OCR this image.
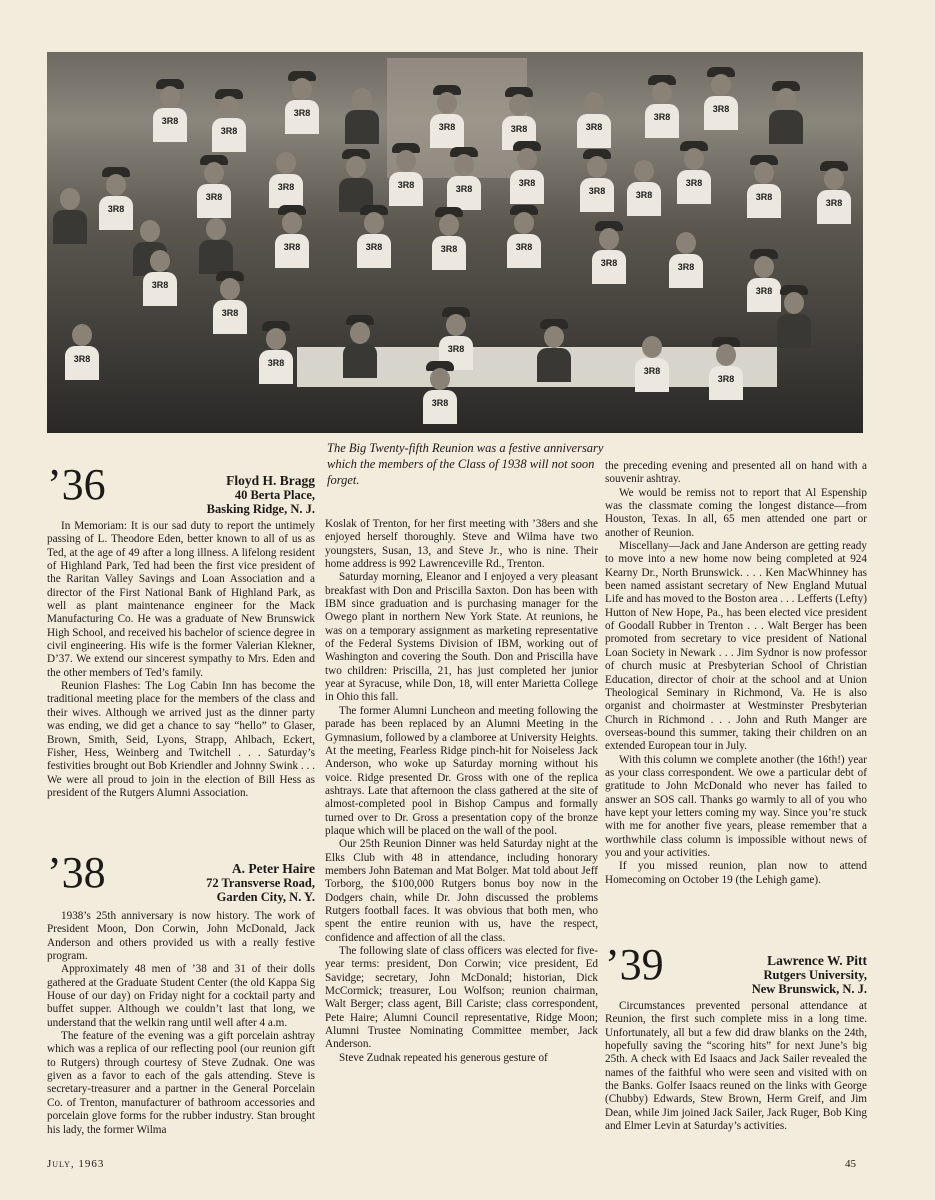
3R8
3R8
3R8
3R8	3R8	3R8
3R8
3R8
3R8
3R8
3R8	3R8	3R8
3R8
3R8	3R8
3R8
3R8
3R8
3R8	3R8	3R8	3R8
3R8	3R8
3R8
3R8
3R8
3R8	3R8
3R8
3R8
3R8
3R8
The Big Twenty-fifth Reunion was a festive anniversary which the members of the Class of 1938 will not soon forget.
’36	Floyd H. Bragg
40 Berta Place,
Basking Ridge, N. J.

In Memoriam: It is our sad duty to report the untimely passing of L. Theodore Eden, better known to all of us as Ted, at the age of 49 after a long illness. A lifelong resident of Highland Park, Ted had been the first vice president of the Raritan Valley Savings and Loan Association and a director of the First National Bank of Highland Park, as well as plant maintenance engineer for the Mack Manufacturing Co. He was a graduate of New Brunswick High School, and received his bachelor of science degree in civil engineering. His wife is the former Valerian Klekner, D’37. We extend our sincerest sympathy to Mrs. Eden and the other members of Ted’s family.

Reunion Flashes: The Log Cabin Inn has become the traditional meeting place for the members of the class and their wives. Although we arrived just as the dinner party was ending, we did get a chance to say “hello” to Glaser, Brown, Smith, Seid, Lyons, Strapp, Ahlbach, Eckert, Fisher, Hess, Weinberg and Twitchell . . . Saturday’s festivities brought out Bob Kriendler and Johnny Swink . . . We were all proud to join in the election of Bill Hess as president of the Rutgers Alumni Association.

’38	A. Peter Haire
72 Transverse Road,
Garden City, N. Y.

1938’s 25th anniversary is now history. The work of President Moon, Don Corwin, John McDonald, Jack Anderson and others provided us with a really festive program.

Approximately 48 men of ’38 and 31 of their dolls gathered at the Graduate Student Center (the old Kappa Sig House of our day) on Friday night for a cocktail party and buffet supper. Although we couldn’t last that long, we understand that the welkin rang until well after 4 a.m.

The feature of the evening was a gift porcelain ashtray which was a replica of our reflecting pool (our reunion gift to Rutgers) through courtesy of Steve Zudnak. One was given as a favor to each of the gals attending. Steve is secretary-treasurer and a partner in the General Porcelain Co. of Trenton, manufacturer of bathroom accessories and porcelain glove forms for the rubber industry. Stan brought his lady, the former Wilma

Koslak of Trenton, for her first meeting with ’38ers and she enjoyed herself thoroughly. Steve and Wilma have two youngsters, Susan, 13, and Steve Jr., who is nine. Their home address is 992 Lawrenceville Rd., Trenton.

Saturday morning, Eleanor and I enjoyed a very pleasant breakfast with Don and Priscilla Saxton. Don has been with IBM since graduation and is purchasing manager for the Owego plant in northern New York State. At reunions, he was on a temporary assignment as marketing representative of the Federal Systems Division of IBM, working out of Washington and covering the South. Don and Priscilla have two children: Priscilla, 21, has just completed her junior year at Syracuse, while Don, 18, will enter Marietta College in Ohio this fall.

The former Alumni Luncheon and meeting following the parade has been replaced by an Alumni Meeting in the Gymnasium, followed by a clamboree at University Heights. At the meeting, Fearless Ridge pinch-hit for Noiseless Jack Anderson, who woke up Saturday morning without his voice. Ridge presented Dr. Gross with one of the replica ashtrays. Late that afternoon the class gathered at the site of almost-completed pool in Bishop Campus and formally turned over to Dr. Gross a presentation copy of the bronze plaque which will be placed on the wall of the pool.

Our 25th Reunion Dinner was held Saturday night at the Elks Club with 48 in attendance, including honorary members John Bateman and Mat Bolger. Mat told about Jeff Torborg, the $100,000 Rutgers bonus boy now in the Dodgers chain, while Dr. John discussed the problems Rutgers football faces. It was obvious that both men, who spent the entire reunion with us, have the respect, confidence and affection of all the class.

The following slate of class officers was elected for five-year terms: president, Don Corwin; vice president, Ed Savidge; secretary, John McDonald; historian, Dick McCormick; treasurer, Lou Wolfson; reunion chairman, Walt Berger; class agent, Bill Cariste; class correspondent, Pete Haire; Alumni Council representative, Ridge Moon; Alumni Trustee Nominating Committee member, Jack Anderson.

Steve Zudnak repeated his generous gesture of

the preceding evening and presented all on hand with a souvenir ashtray.

We would be remiss not to report that Al Espenship was the classmate coming the longest distance—from Houston, Texas. In all, 65 men attended one part or another of Reunion.

Miscellany—Jack and Jane Anderson are getting ready to move into a new home now being completed at 924 Kearny Dr., North Brunswick. . . . Ken MacWhinney has been named assistant secretary of New England Mutual Life and has moved to the Boston area . . . Lefferts (Lefty) Hutton of New Hope, Pa., has been elected vice president of Goodall Rubber in Trenton . . . Walt Berger has been promoted from secretary to vice president of National Loan Society in Newark . . . Jim Sydnor is now professor of church music at Presbyterian School of Christian Education, director of choir at the school and at Union Theological Seminary in Richmond, Va. He is also organist and choirmaster at Westminster Presbyterian Church in Richmond . . . John and Ruth Manger are overseas-bound this summer, taking their children on an extended European tour in July.

With this column we complete another (the 16th!) year as your class correspondent. We owe a particular debt of gratitude to John McDonald who never has failed to answer an SOS call. Thanks go warmly to all of you who have kept your letters coming my way. Since you’re stuck with me for another five years, please remember that a worthwhile class column is impossible without news of you and your activities.

If you missed reunion, plan now to attend Homecoming on October 19 (the Lehigh game).

’39	Lawrence W. Pitt
Rutgers University,
New Brunswick, N. J.

Circumstances prevented personal attendance at Reunion, the first such complete miss in a long time. Unfortunately, all but a few did draw blanks on the 24th, hopefully saving the “scoring hits” for next June’s big 25th. A check with Ed Isaacs and Jack Sailer revealed the names of the faithful who were seen and visited with on the Banks. Golfer Isaacs reuned on the links with George (Chubby) Edwards, Stew Brown, Herm Greif, and Jim Dean, while Jim joined Jack Sailer, Jack Ruger, Bob King and Elmer Levin at Saturday’s activities.

July, 1963	45
